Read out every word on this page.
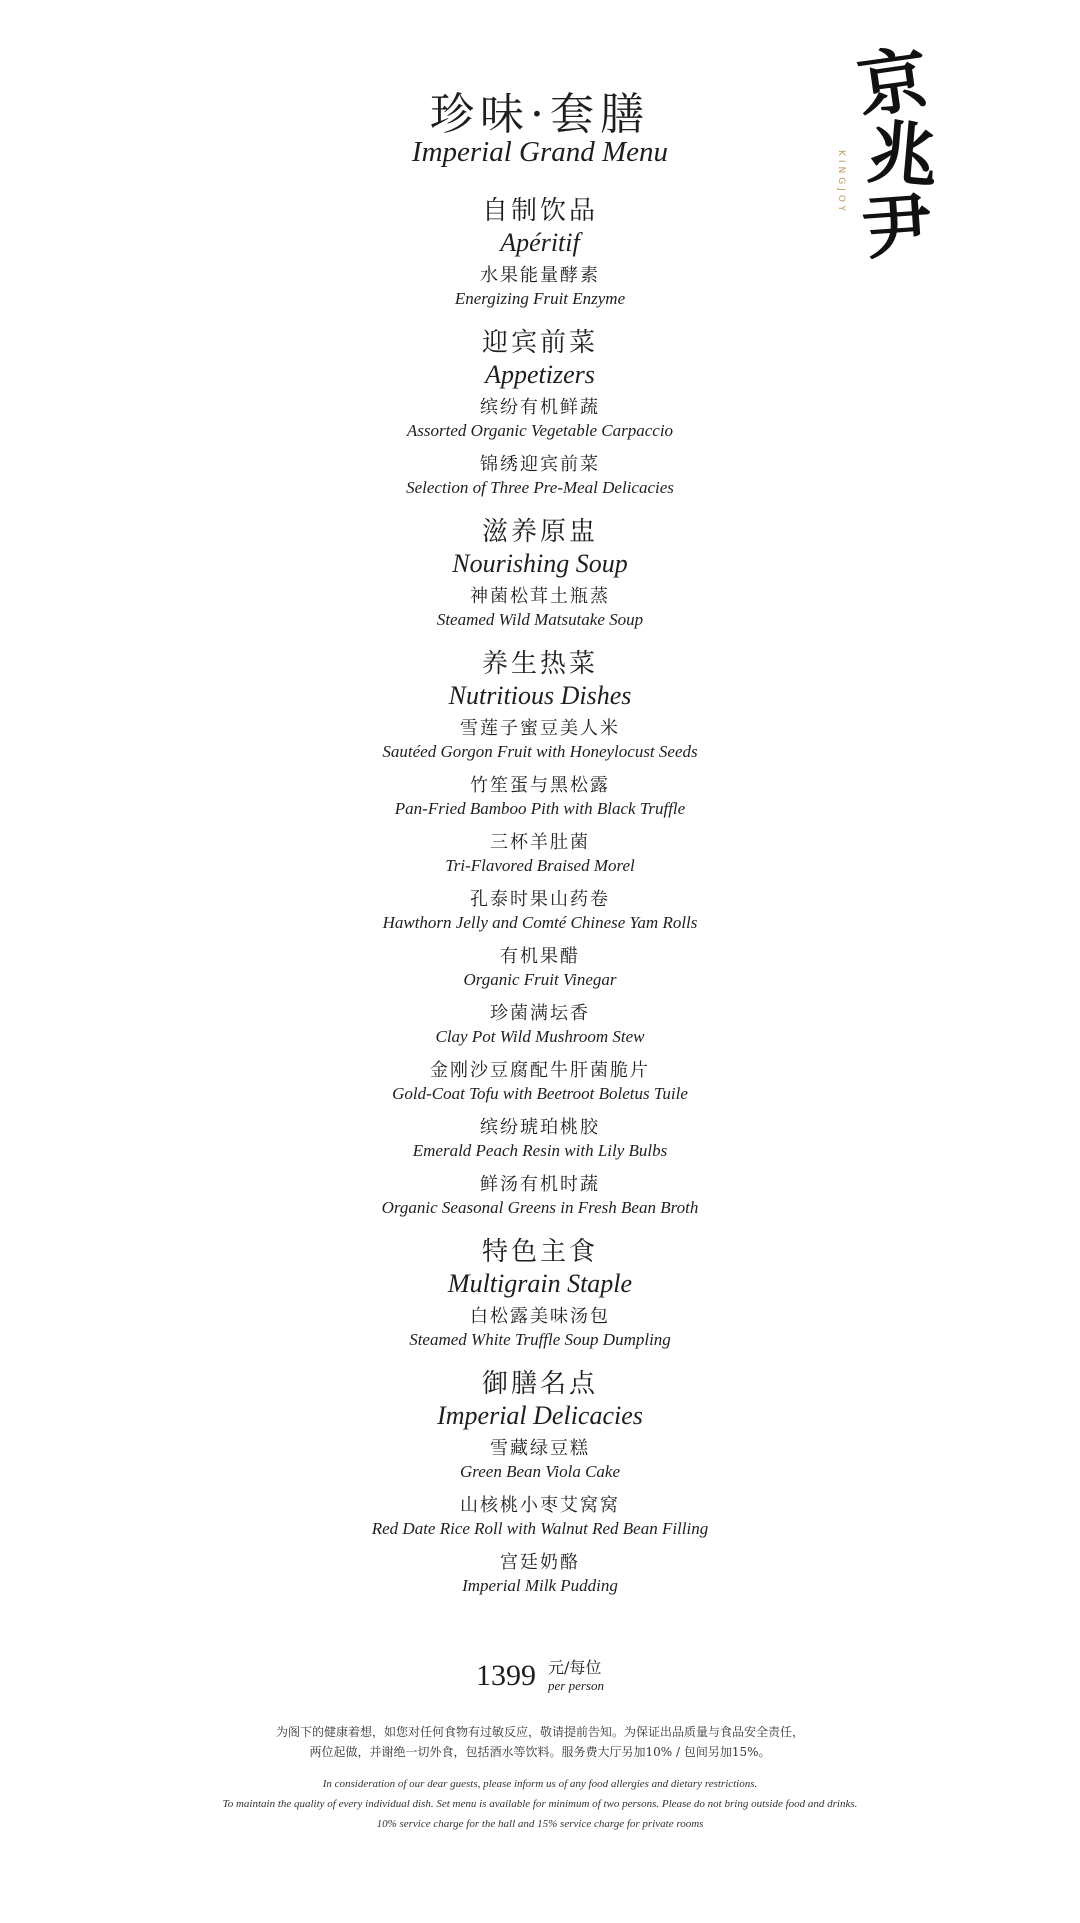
京
兆
尹
KINGJOY
珍味·套膳
Imperial Grand Menu
自制饮品
Apéritif
水果能量酵素
Energizing Fruit Enzyme
迎宾前菜
Appetizers
缤纷有机鲜蔬
Assorted Organic Vegetable Carpaccio
锦绣迎宾前菜
Selection of Three Pre-Meal Delicacies
滋养原盅
Nourishing Soup
神菌松茸土瓶蒸
Steamed Wild Matsutake Soup
养生热菜
Nutritious Dishes
雪莲子蜜豆美人米
Sautéed Gorgon Fruit with Honeylocust Seeds
竹笙蛋与黑松露
Pan-Fried Bamboo Pith with Black Truffle
三杯羊肚菌
Tri-Flavored Braised Morel
孔泰时果山药卷
Hawthorn Jelly and Comté Chinese Yam Rolls
有机果醋
Organic Fruit Vinegar
珍菌满坛香
Clay Pot Wild Mushroom Stew
金刚沙豆腐配牛肝菌脆片
Gold-Coat Tofu with Beetroot Boletus Tuile
缤纷琥珀桃胶
Emerald Peach Resin with Lily Bulbs
鲜汤有机时蔬
Organic Seasonal Greens in Fresh Bean Broth
特色主食
Multigrain Staple
白松露美味汤包
Steamed White Truffle Soup Dumpling
御膳名点
Imperial Delicacies
雪藏绿豆糕
Green Bean Viola Cake
山核桃小枣艾窝窝
Red Date Rice Roll with Walnut Red Bean Filling
宫廷奶酪
Imperial Milk Pudding
1399 元/每位
per person
为阁下的健康着想，如您对任何食物有过敏反应，敬请提前告知。为保证出品质量与食品安全责任，
两位起做，并谢绝一切外食，包括酒水等饮料。服务费大厅另加10% / 包间另加15%。
In consideration of our dear guests, please inform us of any food allergies and dietary restrictions.
To maintain the quality of every individual dish. Set menu is available for minimum of two persons. Please do not bring outside food and drinks.
10% service charge for the hall and 15% service charge for private rooms
